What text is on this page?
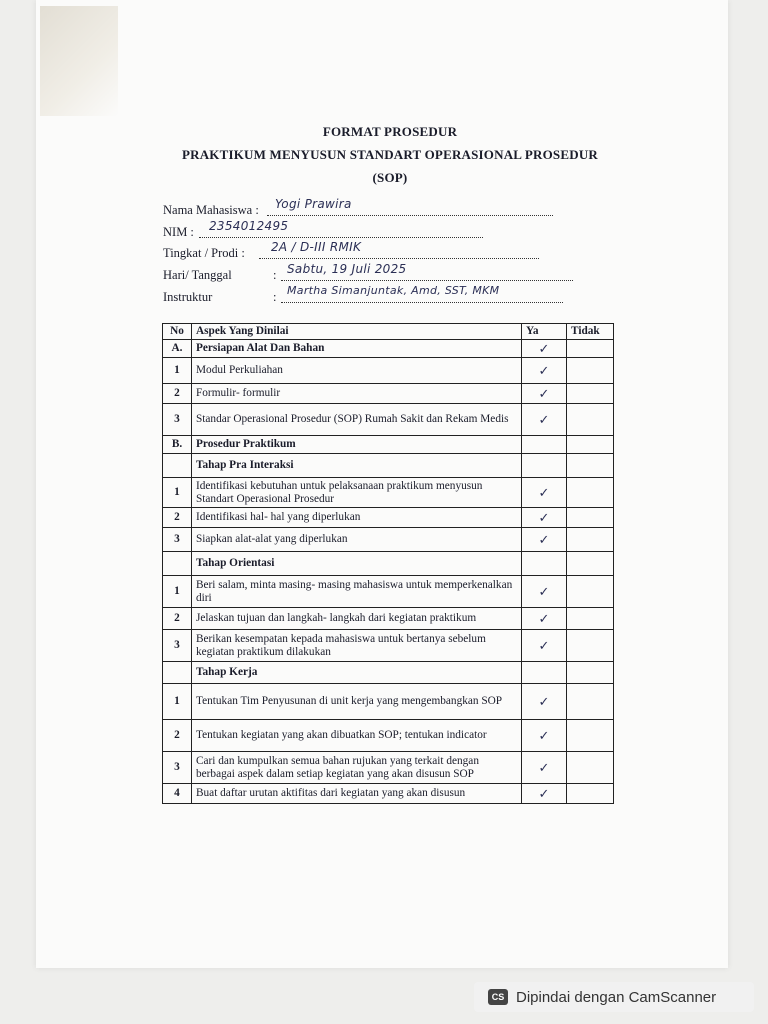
FORMAT PROSEDUR
PRAKTIKUM MENYUSUN STANDART OPERASIONAL PROSEDUR
(SOP)
Nama Mahasiswa : Yogi Prawira
NIM : 2354012495
Tingkat / Prodi : 2A / D-III RMIK
Hari/ Tanggal	: Sabtu, 19 Juli 2025
Instruktur	: Martha Simanjuntak, Amd, SST, MKM
No	Aspek Yang Dinilai	Ya	Tidak
A.	Persiapan Alat Dan Bahan	✓	
1	Modul Perkuliahan	✓	
2	Formulir- formulir	✓	
3	Standar Operasional Prosedur (SOP) Rumah Sakit dan Rekam Medis	✓	
B.	Prosedur Praktikum		
	Tahap Pra Interaksi		
1	Identifikasi kebutuhan untuk pelaksanaan praktikum menyusun Standart Operasional Prosedur	✓	
2	Identifikasi hal- hal yang diperlukan	✓	
3	Siapkan alat-alat yang diperlukan	✓	
	Tahap Orientasi		
1	Beri salam, minta masing- masing mahasiswa untuk memperkenalkan diri	✓	
2	Jelaskan tujuan dan langkah- langkah dari kegiatan praktikum	✓	
3	Berikan kesempatan kepada mahasiswa untuk bertanya sebelum kegiatan praktikum dilakukan	✓	
	Tahap Kerja		
1	Tentukan Tim Penyusunan di unit kerja yang mengembangkan SOP	✓	
2	Tentukan kegiatan yang akan dibuatkan SOP; tentukan indicator	✓	
3	Cari dan kumpulkan semua bahan rujukan yang terkait dengan berbagai aspek dalam setiap kegiatan yang akan disusun SOP	✓	
4	Buat daftar urutan aktifitas dari kegiatan yang akan disusun	✓	
CS Dipindai dengan CamScanner
